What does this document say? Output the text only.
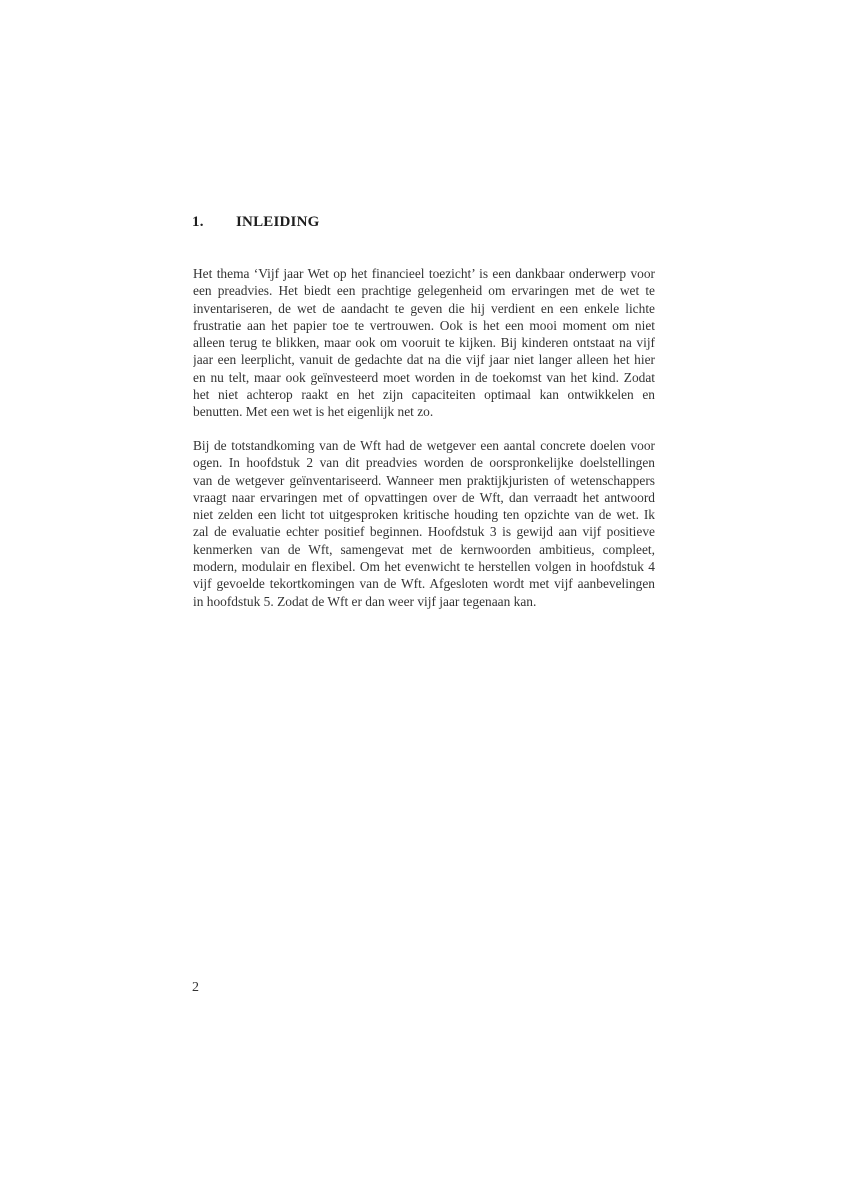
1. INLEIDING
Het thema ‘Vijf jaar Wet op het financieel toezicht’ is een dankbaar onderwerp voor
een preadvies. Het biedt een prachtige gelegenheid om ervaringen met de wet te
inventariseren, de wet de aandacht te geven die hij verdient en een enkele lichte
frustratie aan het papier toe te vertrouwen. Ook is het een mooi moment om niet
alleen terug te blikken, maar ook om vooruit te kijken. Bij kinderen ontstaat na vijf
jaar een leerplicht, vanuit de gedachte dat na die vijf jaar niet langer alleen het hier
en nu telt, maar ook geïnvesteerd moet worden in de toekomst van het kind. Zodat
het niet achterop raakt en het zijn capaciteiten optimaal kan ontwikkelen en
benutten. Met een wet is het eigenlijk net zo.
Bij de totstandkoming van de Wft had de wetgever een aantal concrete doelen voor
ogen. In hoofdstuk 2 van dit preadvies worden de oorspronkelijke doelstellingen
van de wetgever geïnventariseerd. Wanneer men praktijkjuristen of wetenschappers
vraagt naar ervaringen met of opvattingen over de Wft, dan verraadt het antwoord
niet zelden een licht tot uitgesproken kritische houding ten opzichte van de wet. Ik
zal de evaluatie echter positief beginnen. Hoofdstuk 3 is gewijd aan vijf positieve
kenmerken van de Wft, samengevat met de kernwoorden ambitieus, compleet,
modern, modulair en flexibel. Om het evenwicht te herstellen volgen in hoofdstuk 4
vijf gevoelde tekortkomingen van de Wft. Afgesloten wordt met vijf aanbevelingen
in hoofdstuk 5. Zodat de Wft er dan weer vijf jaar tegenaan kan.
2
